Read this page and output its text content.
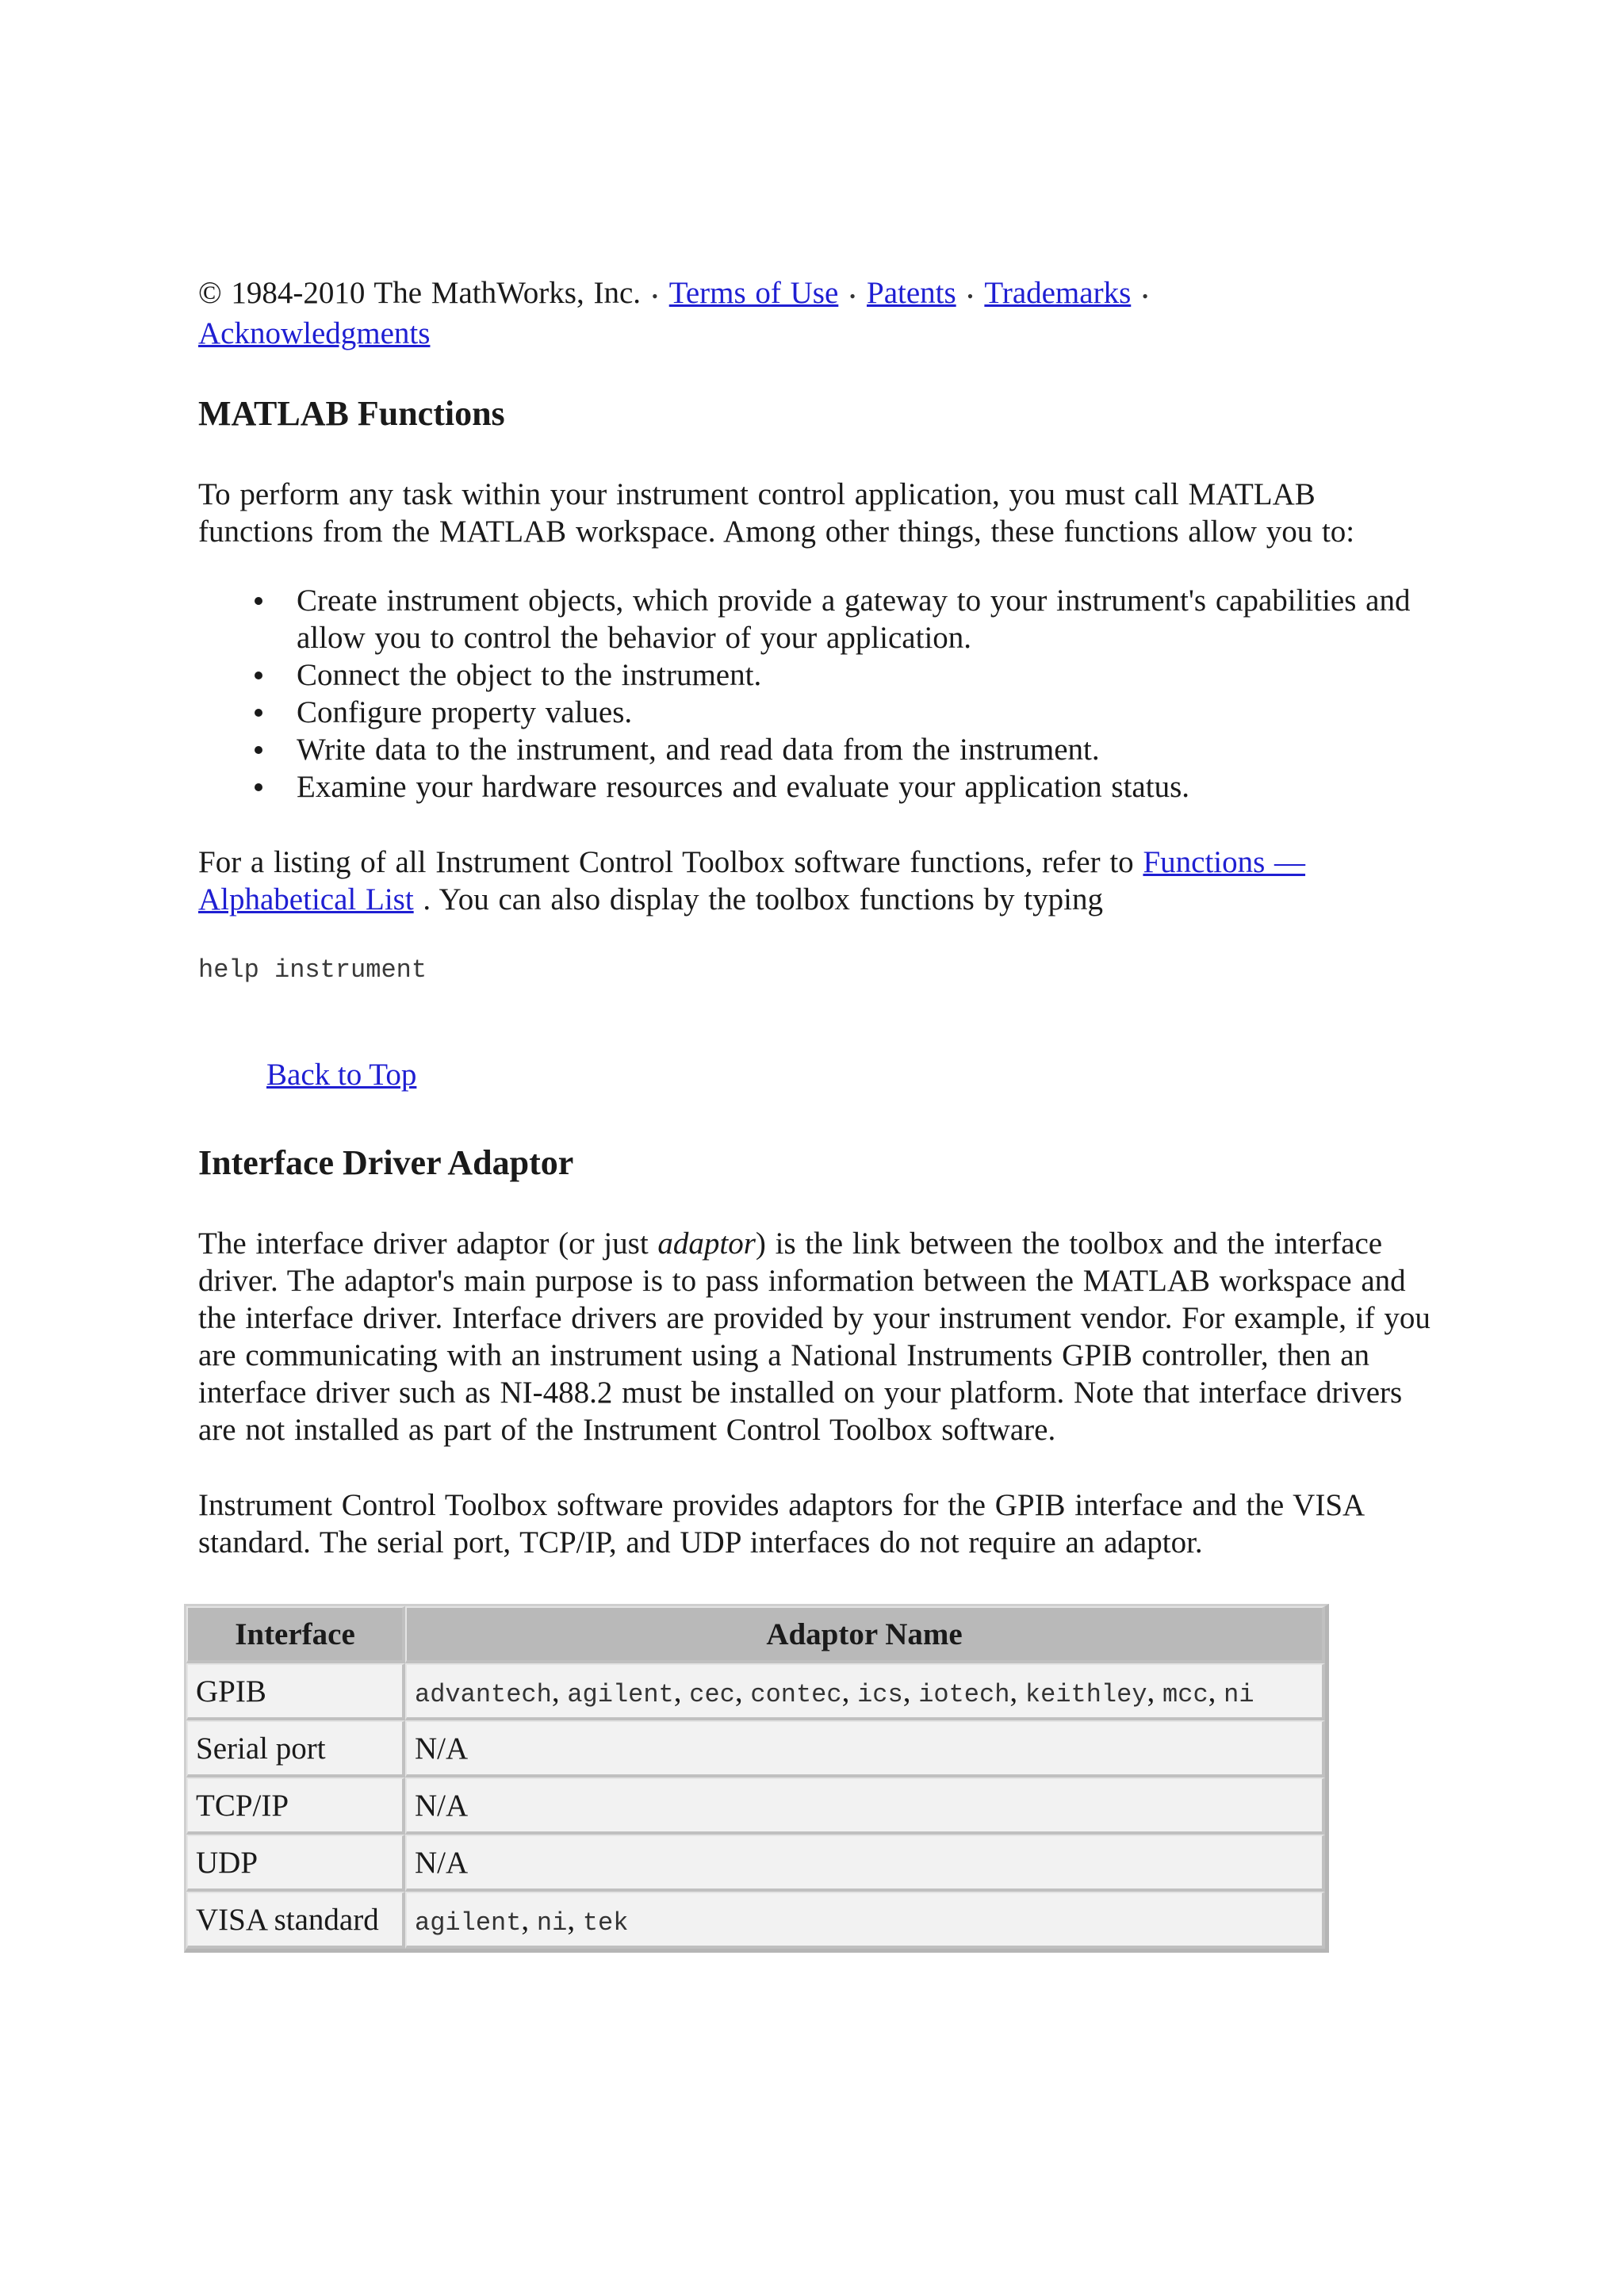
© 1984-2010 The MathWorks, Inc. • Terms of Use • Patents • Trademarks •
Acknowledgments

MATLAB Functions

To perform any task within your instrument control application, you must call MATLAB functions from the MATLAB workspace. Among other things, these functions allow you to:

Create instrument objects, which provide a gateway to your instrument's capabilities and allow you to control the behavior of your application.
Connect the object to the instrument.
Configure property values.
Write data to the instrument, and read data from the instrument.
Examine your hardware resources and evaluate your application status.

For a listing of all Instrument Control Toolbox software functions, refer to Functions — Alphabetical List . You can also display the toolbox functions by typing

help instrument
Back to Top
Interface Driver Adaptor

The interface driver adaptor (or just adaptor) is the link between the toolbox and the interface driver. The adaptor's main purpose is to pass information between the MATLAB workspace and the interface driver. Interface drivers are provided by your instrument vendor. For example, if you are communicating with an instrument using a National Instruments GPIB controller, then an interface driver such as NI-488.2 must be installed on your platform. Note that interface drivers are not installed as part of the Instrument Control Toolbox software.

Instrument Control Toolbox software provides adaptors for the GPIB interface and the VISA standard. The serial port, TCP/IP, and UDP interfaces do not require an adaptor.

Interface	Adaptor Name
GPIB	advantech, agilent, cec, contec, ics, iotech, keithley, mcc, ni
Serial port	N/A
TCP/IP	N/A
UDP	N/A
VISA standard	agilent, ni, tek
